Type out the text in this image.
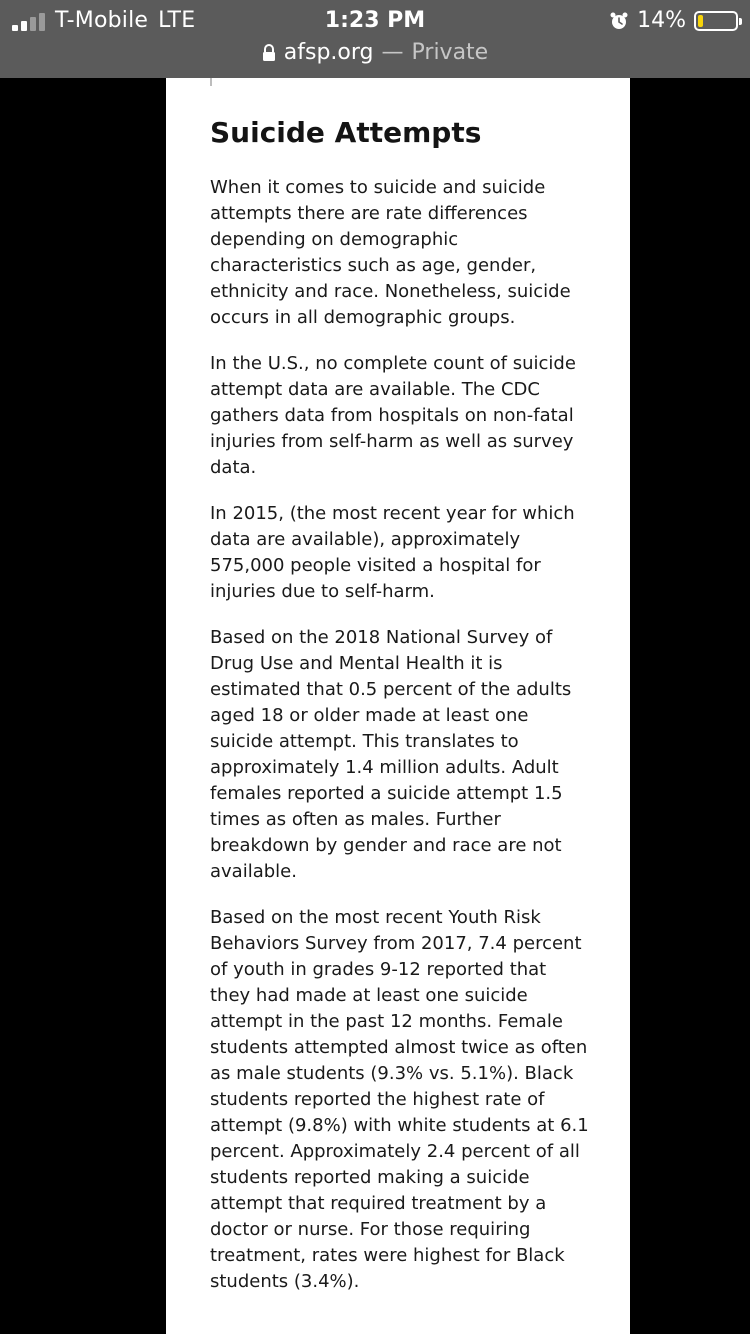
T-Mobile LTE	1:23 PM	14%
afsp.org — Private
Suicide Attempts

When it comes to suicide and suicide attempts there are rate differences depending on demographic characteristics such as age, gender, ethnicity and race. Nonetheless, suicide occurs in all demographic groups.

In the U.S., no complete count of suicide attempt data are available. The CDC gathers data from hospitals on non-fatal injuries from self-harm as well as survey data.

In 2015, (the most recent year for which data are available), approximately 575,000 people visited a hospital for injuries due to self-harm.

Based on the 2018 National Survey of Drug Use and Mental Health it is estimated that 0.5 percent of the adults aged 18 or older made at least one suicide attempt. This translates to approximately 1.4 million adults. Adult females reported a suicide attempt 1.5 times as often as males. Further breakdown by gender and race are not available.

Based on the most recent Youth Risk Behaviors Survey from 2017, 7.4 percent of youth in grades 9-12 reported that they had made at least one suicide attempt in the past 12 months. Female students attempted almost twice as often as male students (9.3% vs. 5.1%). Black students reported the highest rate of attempt (9.8%) with white students at 6.1 percent. Approximately 2.4 percent of all students reported making a suicide attempt that required treatment by a doctor or nurse. For those requiring treatment, rates were highest for Black students (3.4%).
